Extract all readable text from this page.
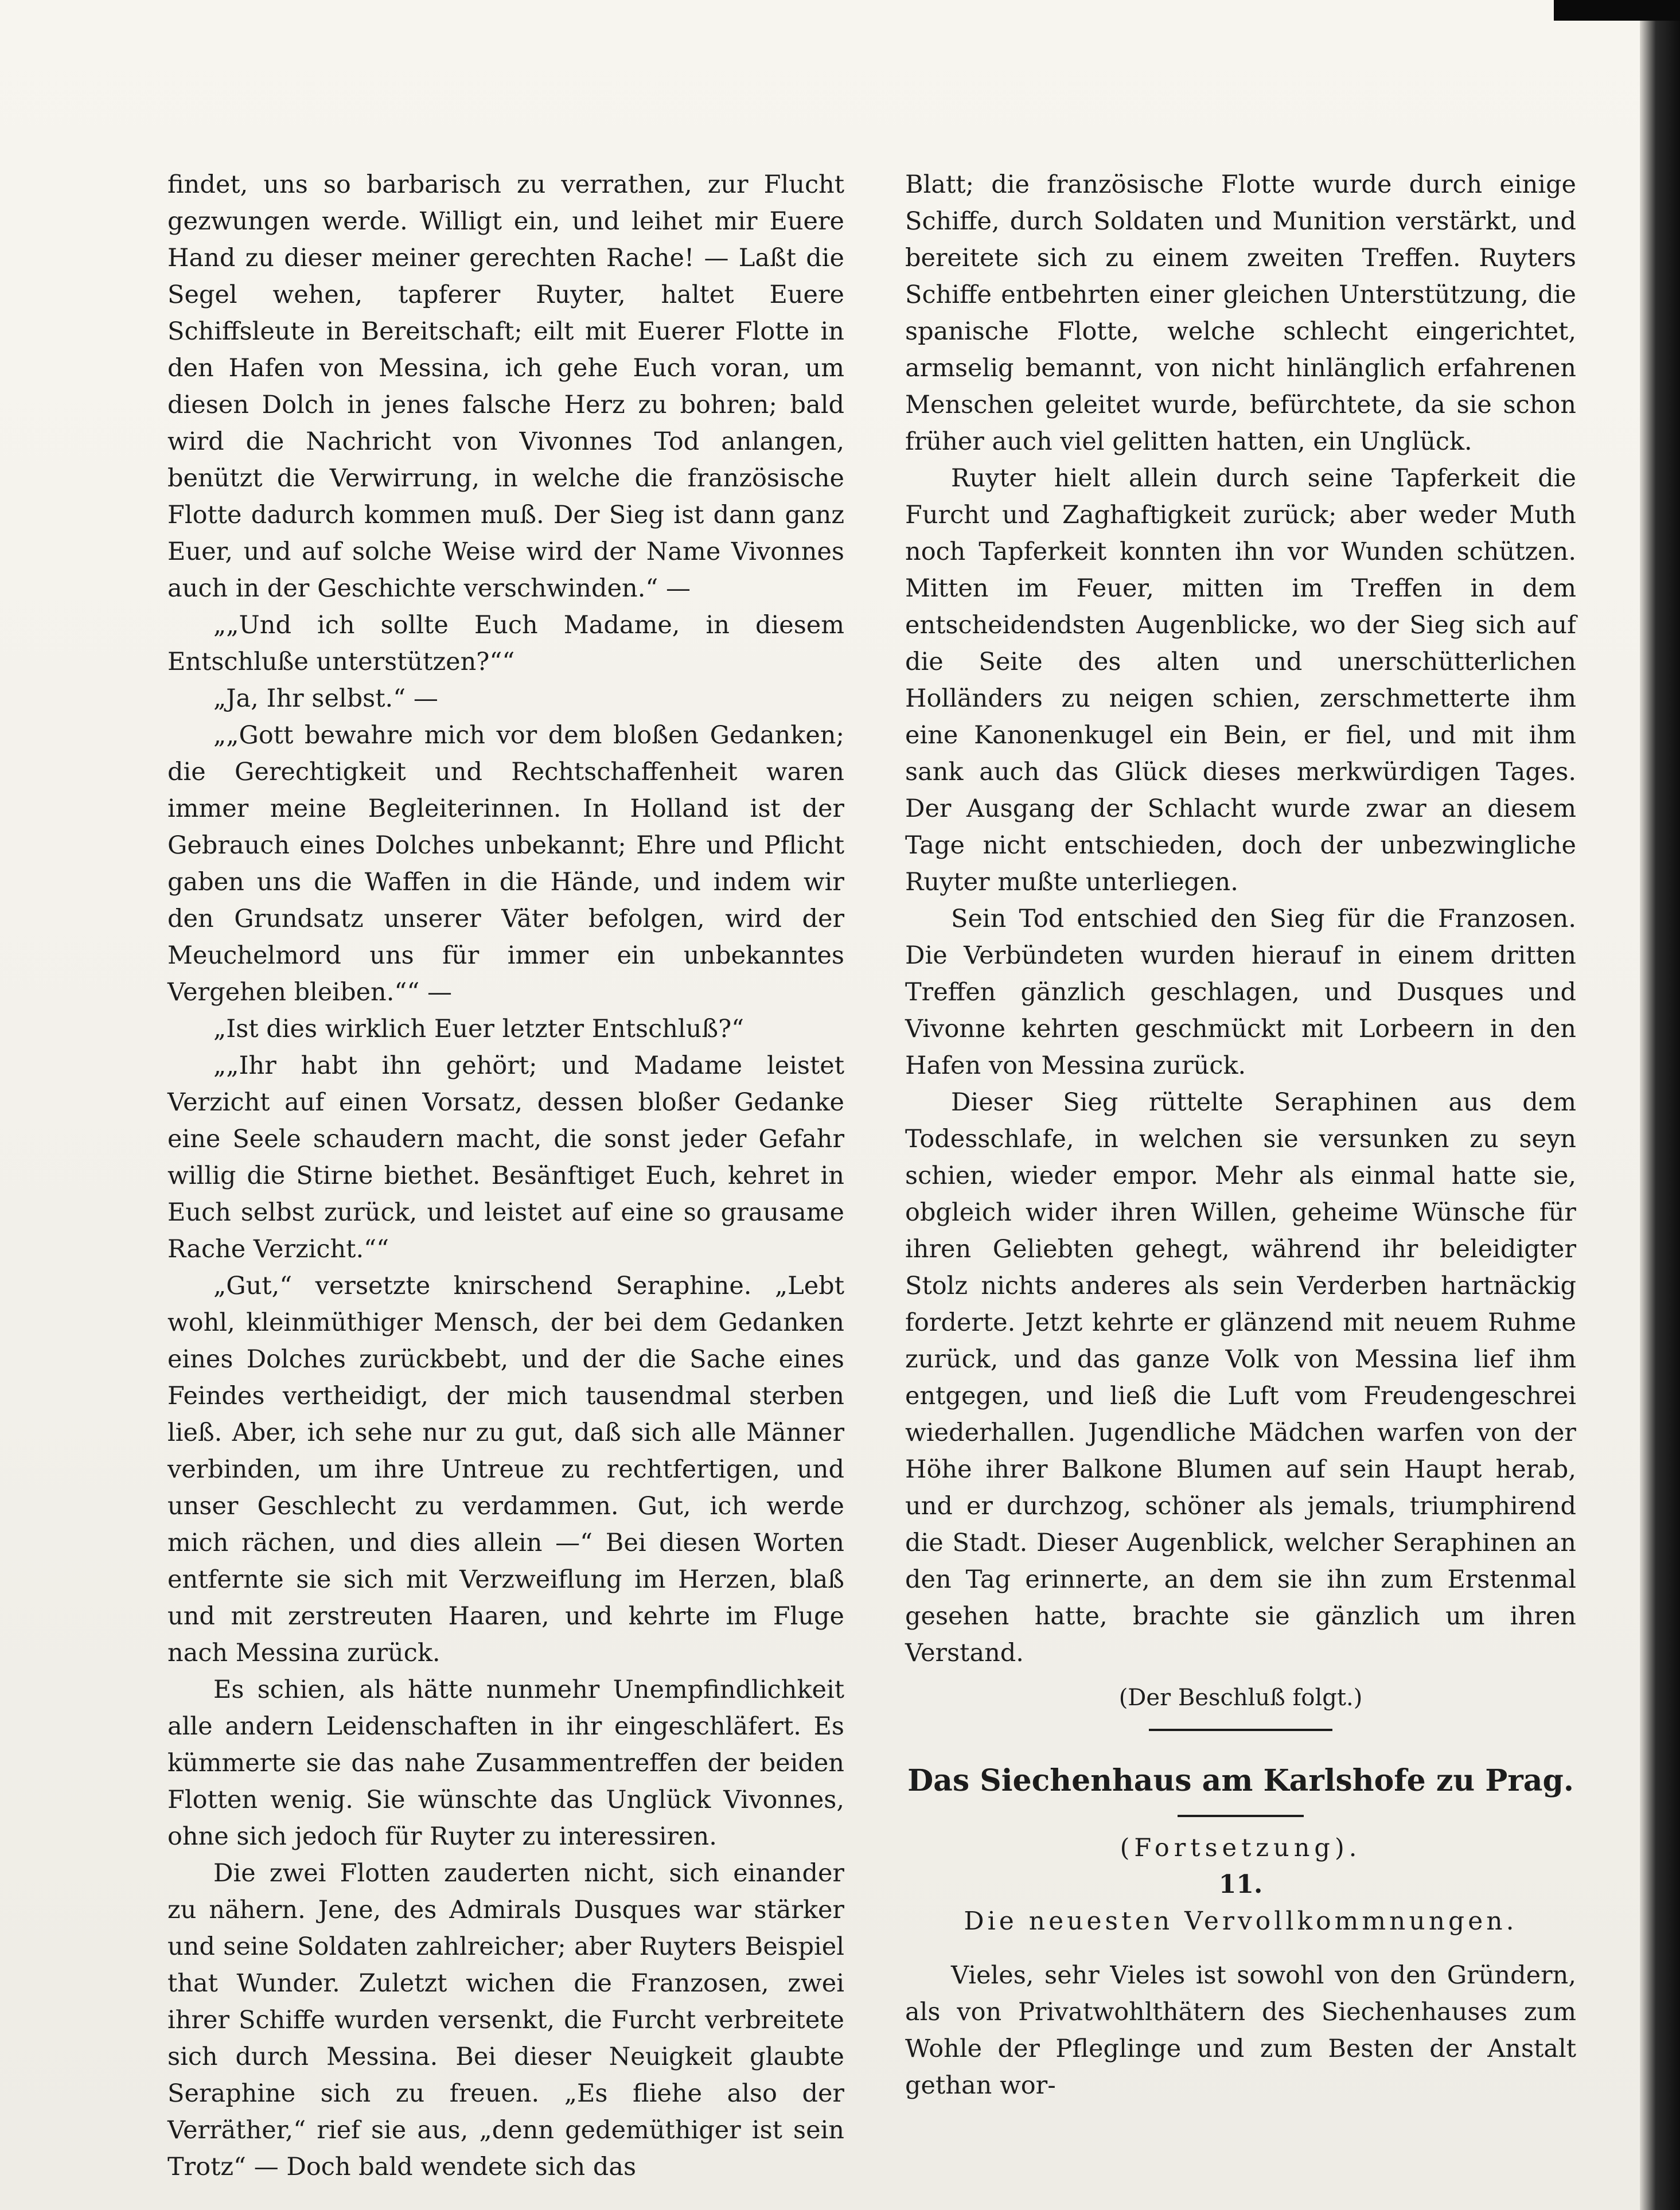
findet, uns so barbarisch zu verrathen, zur Flucht gezwungen werde. Willigt ein, und leihet mir Euere Hand zu dieser meiner gerechten Rache! — Laßt die Segel wehen, tapferer Ruyter, haltet Euere Schiffsleute in Bereitschaft; eilt mit Euerer Flotte in den Hafen von Messina, ich gehe Euch voran, um diesen Dolch in jenes falsche Herz zu bohren; bald wird die Nachricht von Vivonnes Tod anlangen, benützt die Verwirrung, in welche die französische Flotte dadurch kommen muß. Der Sieg ist dann ganz Euer, und auf solche Weise wird der Name Vivonnes auch in der Geschichte verschwinden.“ —

„„Und ich sollte Euch Madame, in diesem Entschluße unterstützen?““

„Ja, Ihr selbst.“ —

„„Gott bewahre mich vor dem bloßen Gedanken; die Gerechtigkeit und Rechtschaffenheit waren immer meine Begleiterinnen. In Holland ist der Gebrauch eines Dolches unbekannt; Ehre und Pflicht gaben uns die Waffen in die Hände, und indem wir den Grundsatz unserer Väter befolgen, wird der Meuchelmord uns für immer ein unbekanntes Vergehen bleiben.““ —

„Ist dies wirklich Euer letzter Entschluß?“

„„Ihr habt ihn gehört; und Madame leistet Verzicht auf einen Vorsatz, dessen bloßer Gedanke eine Seele schaudern macht, die sonst jeder Gefahr willig die Stirne biethet. Besänftiget Euch, kehret in Euch selbst zurück, und leistet auf eine so grausame Rache Verzicht.““

„Gut,“ versetzte knirschend Seraphine. „Lebt wohl, kleinmüthiger Mensch, der bei dem Gedanken eines Dolches zurückbebt, und der die Sache eines Feindes vertheidigt, der mich tausendmal sterben ließ. Aber, ich sehe nur zu gut, daß sich alle Männer verbinden, um ihre Untreue zu rechtfertigen, und unser Geschlecht zu verdammen. Gut, ich werde mich rächen, und dies allein —“ Bei diesen Worten entfernte sie sich mit Verzweiflung im Herzen, blaß und mit zerstreuten Haaren, und kehrte im Fluge nach Messina zurück.

Es schien, als hätte nunmehr Unempfindlichkeit alle andern Leidenschaften in ihr eingeschläfert. Es kümmerte sie das nahe Zusammentreffen der beiden Flotten wenig. Sie wünschte das Unglück Vivonnes, ohne sich jedoch für Ruyter zu interessiren.

Die zwei Flotten zauderten nicht, sich einander zu nähern. Jene, des Admirals Dusques war stärker und seine Soldaten zahlreicher; aber Ruyters Beispiel that Wunder. Zuletzt wichen die Franzosen, zwei ihrer Schiffe wurden versenkt, die Furcht verbreitete sich durch Messina. Bei dieser Neuigkeit glaubte Seraphine sich zu freuen. „Es fliehe also der Verräther,“ rief sie aus, „denn gedemüthiger ist sein Trotz“ — Doch bald wendete sich das

Blatt; die französische Flotte wurde durch einige Schiffe, durch Soldaten und Munition verstärkt, und bereitete sich zu einem zweiten Treffen. Ruyters Schiffe entbehrten einer gleichen Unterstützung, die spanische Flotte, welche schlecht eingerichtet, armselig bemannt, von nicht hinlänglich erfahrenen Menschen geleitet wurde, befürchtete, da sie schon früher auch viel gelitten hatten, ein Unglück.

Ruyter hielt allein durch seine Tapferkeit die Furcht und Zaghaftigkeit zurück; aber weder Muth noch Tapferkeit konnten ihn vor Wunden schützen. Mitten im Feuer, mitten im Treffen in dem entscheidendsten Augenblicke, wo der Sieg sich auf die Seite des alten und unerschütterlichen Holländers zu neigen schien, zerschmetterte ihm eine Kanonenkugel ein Bein, er fiel, und mit ihm sank auch das Glück dieses merkwürdigen Tages. Der Ausgang der Schlacht wurde zwar an diesem Tage nicht entschieden, doch der unbezwingliche Ruyter mußte unterliegen.

Sein Tod entschied den Sieg für die Franzosen. Die Verbündeten wurden hierauf in einem dritten Treffen gänzlich geschlagen, und Dusques und Vivonne kehrten geschmückt mit Lorbeern in den Hafen von Messina zurück.

Dieser Sieg rüttelte Seraphinen aus dem Todesschlafe, in welchen sie versunken zu seyn schien, wieder empor. Mehr als einmal hatte sie, obgleich wider ihren Willen, geheime Wünsche für ihren Geliebten gehegt, während ihr beleidigter Stolz nichts anderes als sein Verderben hartnäckig forderte. Jetzt kehrte er glänzend mit neuem Ruhme zurück, und das ganze Volk von Messina lief ihm entgegen, und ließ die Luft vom Freudengeschrei wiederhallen. Jugendliche Mädchen warfen von der Höhe ihrer Balkone Blumen auf sein Haupt herab, und er durchzog, schöner als jemals, triumphirend die Stadt. Dieser Augenblick, welcher Seraphinen an den Tag erinnerte, an dem sie ihn zum Erstenmal gesehen hatte, brachte sie gänzlich um ihren Verstand.

(Der Beschluß folgt.)

Das Siechenhaus am Karlshofe zu Prag.

(Fortsetzung).

11.

Die neuesten Vervollkommnungen.

Vieles, sehr Vieles ist sowohl von den Gründern, als von Privatwohlthätern des Siechenhauses zum Wohle der Pfleglinge und zum Besten der Anstalt gethan wor-
